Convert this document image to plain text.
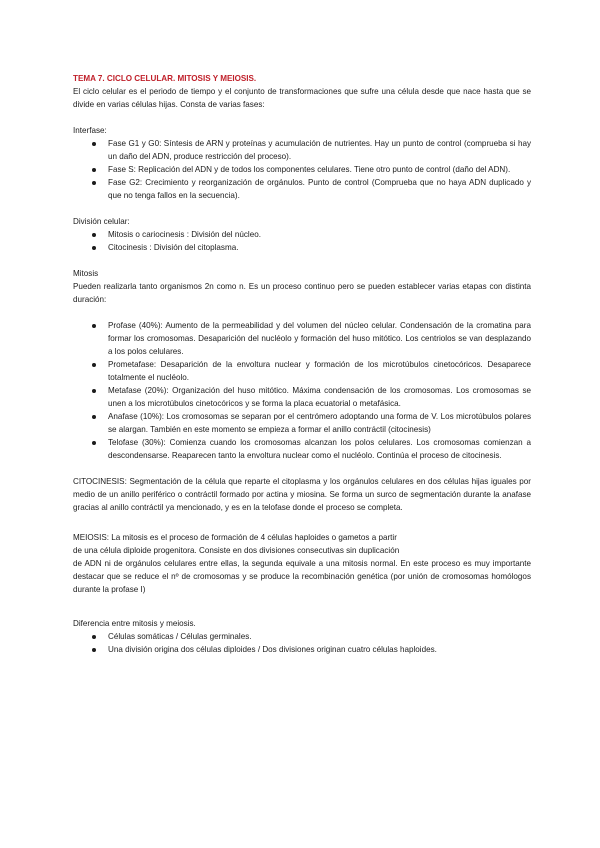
TEMA 7. CICLO CELULAR. MITOSIS Y MEIOSIS.

El ciclo celular es el periodo de tiempo y el conjunto de transformaciones que sufre una célula desde que nace hasta que se divide en varias células hijas. Consta de varias fases:

Interfase:
Fase G1 y G0: Síntesis de ARN y proteínas y acumulación de nutrientes. Hay un punto de control (comprueba si hay un daño del ADN, produce restricción del proceso).
Fase S: Replicación del ADN y de todos los componentes celulares. Tiene otro punto de control (daño del ADN).
Fase G2: Crecimiento y reorganización de orgánulos. Punto de control (Comprueba que no haya ADN duplicado y que no tenga fallos en la secuencia).
División celular:
Mitosis o cariocinesis : División del núcleo.
Citocinesis : División del citoplasma.
Mitosis

Pueden realizarla tanto organismos 2n como n. Es un proceso continuo pero se pueden establecer varias etapas con distinta duración:

Profase (40%): Aumento de la permeabilidad y del volumen del núcleo celular. Condensación de la cromatina para formar los cromosomas. Desaparición del nucléolo y formación del huso mitótico. Los centriolos se van desplazando a los polos celulares.
Prometafase: Desaparición de la envoltura nuclear y formación de los microtúbulos cinetocóricos. Desaparece totalmente el nucléolo.
Metafase (20%): Organización del huso mitótico. Máxima condensación de los cromosomas. Los cromosomas se unen a los microtúbulos cinetocóricos y se forma la placa ecuatorial o metafásica.
Anafase (10%): Los cromosomas se separan por el centrómero adoptando una forma de V. Los microtúbulos polares se alargan. También en este momento se empieza a formar el anillo contráctil (citocinesis)
Telofase (30%): Comienza cuando los cromosomas alcanzan los polos celulares. Los cromosomas comienzan a descondensarse. Reaparecen tanto la envoltura nuclear como el nucléolo. Continúa el proceso de citocinesis.

CITOCINESIS: Segmentación de la célula que reparte el citoplasma y los orgánulos celulares en dos células hijas iguales por medio de un anillo periférico o contráctil formado por actina y miosina. Se forma un surco de segmentación durante la anafase gracias al anillo contráctil ya mencionado, y es en la telofase donde el proceso se completa.

MEIOSIS: La mitosis es el proceso de formación de 4 células haploides o gametos a partir
de una célula diploide progenitora. Consiste en dos divisiones consecutivas sin duplicación

de ADN ni de orgánulos celulares entre ellas, la segunda equivale a una mitosis normal. En este proceso es muy importante destacar que se reduce el nº de cromosomas y se produce la recombinación genética (por unión de cromosomas homólogos durante la profase I)

Diferencia entre mitosis y meiosis.
Células somáticas / Células germinales.
Una división origina dos células diploides / Dos divisiones originan cuatro células haploides.
